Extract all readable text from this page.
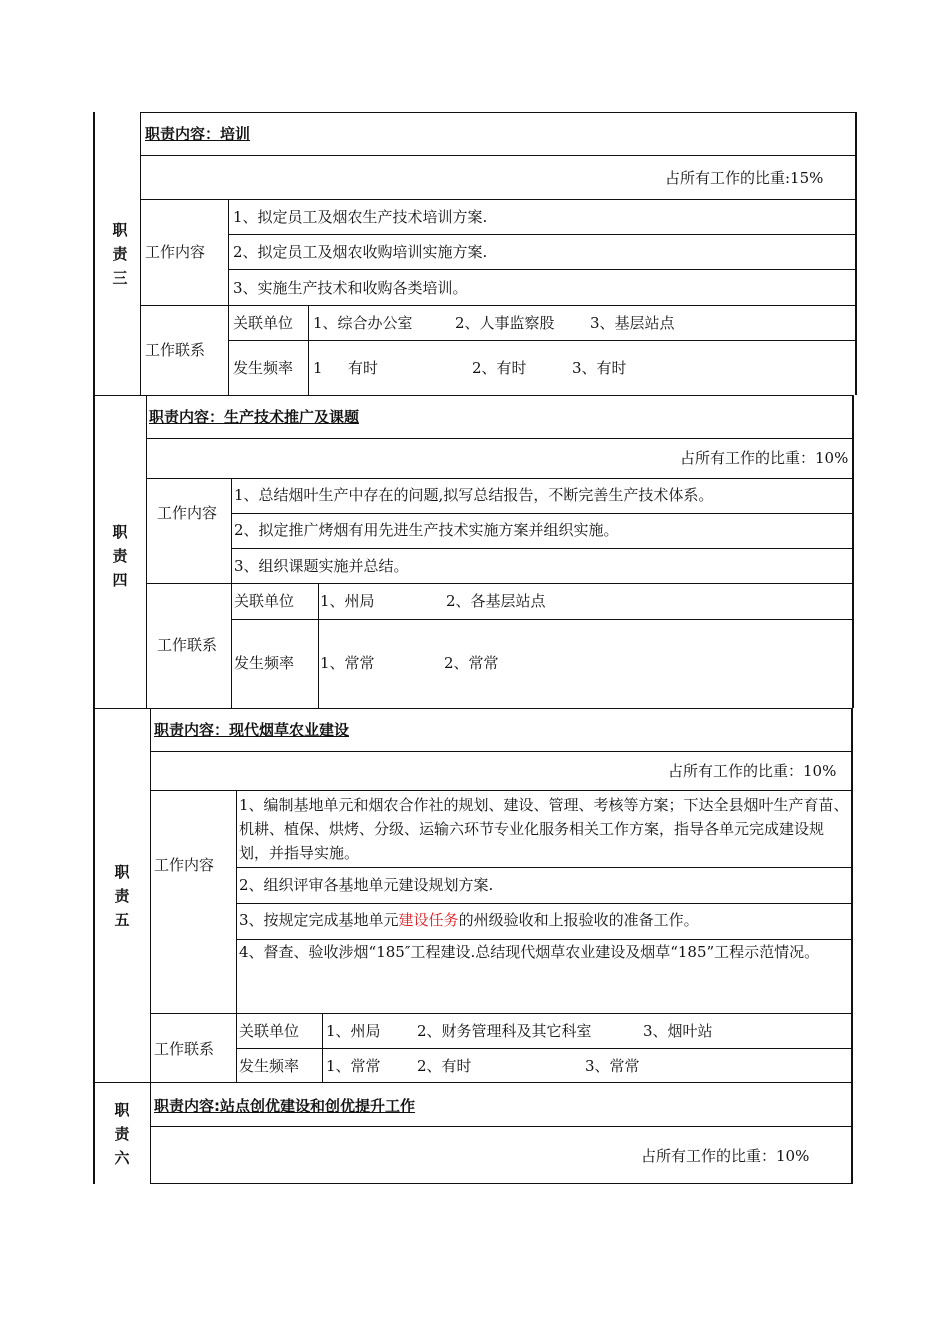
职责三
职责内容：培训
占所有工作的比重:15%
工作内容
1、拟定员工及烟农生产技术培训方案.
2、拟定员工及烟农收购培训实施方案.
3、实施生产技术和收购各类培训。
工作联系
关联单位 1、综合办公室	2、人事监察股 3、基层站点
发生频率 1 有时	2、有时	3、有时
职责四
职责内容：生产技术推广及课题
占所有工作的比重：10%
工作内容
1、总结烟叶生产中存在的问题,拟写总结报告，不断完善生产技术体系。
2、拟定推广烤烟有用先进生产技术实施方案并组织实施。
3、组织课题实施并总结。
工作联系
关联单位 1、州局	2、各基层站点
发生频率 1、常常	2、常常
职责五
职责内容：现代烟草农业建设
占所有工作的比重：10%
工作内容
1、编制基地单元和烟农合作社的规划、建设、管理、考核等方案；下达全县烟叶生产育苗、机耕、植保、烘烤、分级、运输六环节专业化服务相关工作方案，指导各单元完成建设规划，并指导实施。
2、组织评审各基地单元建设规划方案.
3、按规定完成基地单元建设任务的州级验收和上报验收的准备工作。
4、督查、验收涉烟“185″工程建设.总结现代烟草农业建设及烟草“185”工程示范情况。
工作联系
关联单位 1、州局 2、财务管理科及其它科室	3、烟叶站
发生频率 1、常常 2、有时	3、常常
职责六
职责内容:站点创优建设和创优提升工作
占所有工作的比重：10%
